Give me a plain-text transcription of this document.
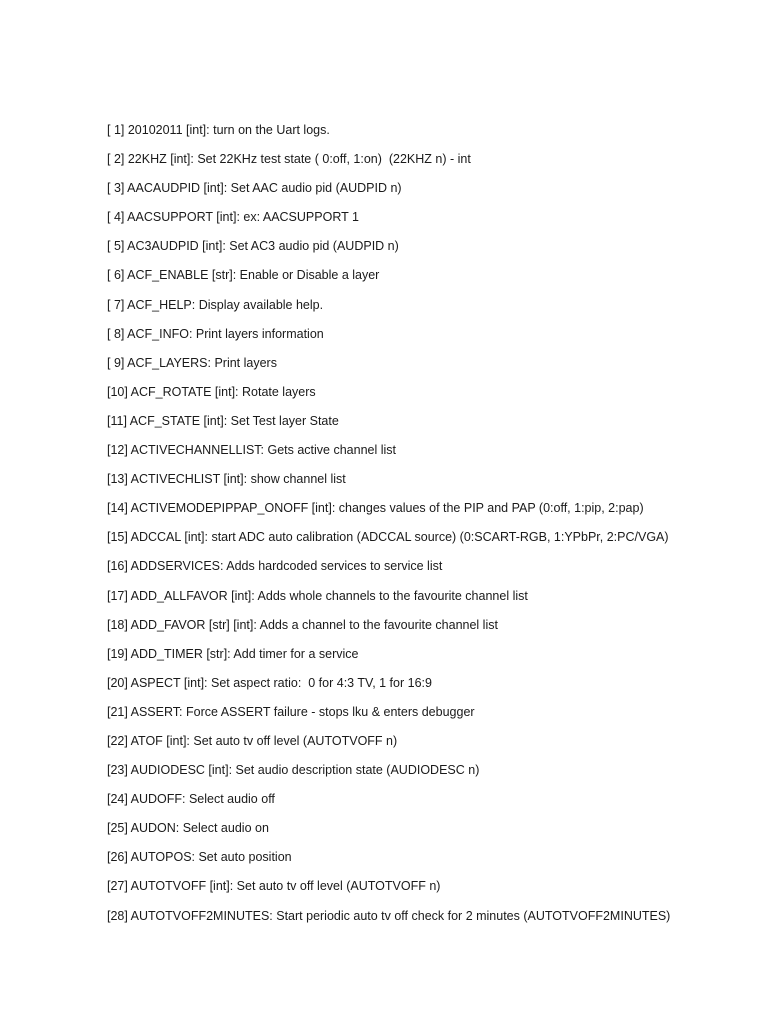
[ 1] 20102011 [int]: turn on the Uart logs.
[ 2] 22KHZ [int]: Set 22KHz test state ( 0:off, 1:on)  (22KHZ n) - int
[ 3] AACAUDPID [int]: Set AAC audio pid (AUDPID n)
[ 4] AACSUPPORT [int]: ex: AACSUPPORT 1
[ 5] AC3AUDPID [int]: Set AC3 audio pid (AUDPID n)
[ 6] ACF_ENABLE [str]: Enable or Disable a layer
[ 7] ACF_HELP: Display available help.
[ 8] ACF_INFO: Print layers information
[ 9] ACF_LAYERS: Print layers
[10] ACF_ROTATE [int]: Rotate layers
[11] ACF_STATE [int]: Set Test layer State
[12] ACTIVECHANNELLIST: Gets active channel list
[13] ACTIVECHLIST [int]: show channel list
[14] ACTIVEMODEPIPPAP_ONOFF [int]: changes values of the PIP and PAP (0:off, 1:pip, 2:pap)
[15] ADCCAL [int]: start ADC auto calibration (ADCCAL source) (0:SCART-RGB, 1:YPbPr, 2:PC/VGA)
[16] ADDSERVICES: Adds hardcoded services to service list
[17] ADD_ALLFAVOR [int]: Adds whole channels to the favourite channel list
[18] ADD_FAVOR [str] [int]: Adds a channel to the favourite channel list
[19] ADD_TIMER [str]: Add timer for a service
[20] ASPECT [int]: Set aspect ratio:  0 for 4:3 TV, 1 for 16:9
[21] ASSERT: Force ASSERT failure - stops lku & enters debugger
[22] ATOF [int]: Set auto tv off level (AUTOTVOFF n)
[23] AUDIODESC [int]: Set audio description state (AUDIODESC n)
[24] AUDOFF: Select audio off
[25] AUDON: Select audio on
[26] AUTOPOS: Set auto position
[27] AUTOTVOFF [int]: Set auto tv off level (AUTOTVOFF n)
[28] AUTOTVOFF2MINUTES: Start periodic auto tv off check for 2 minutes (AUTOTVOFF2MINUTES)
